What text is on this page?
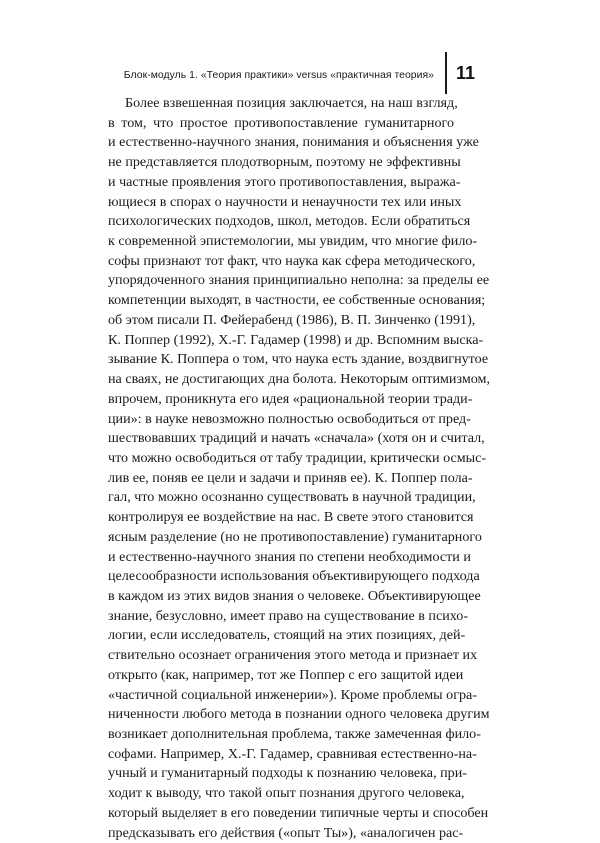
Блок-модуль 1. «Теория практики» versus «практичная теория» 11
Более взвешенная позиция заключается, на наш взгляд,
в том, что простое противопоставление гуманитарного
и естественно-научного знания, понимания и объяснения уже
не представляется плодотворным, поэтому не эффективны
и частные проявления этого противопоставления, выража-
ющиеся в спорах о научности и ненаучности тех или иных
психологических подходов, школ, методов. Если обратиться
к современной эпистемологии, мы увидим, что многие фило-
софы признают тот факт, что наука как сфера методического,
упорядоченного знания принципиально неполна: за пределы ее
компетенции выходят, в частности, ее собственные основания;
об этом писали П. Фейерабенд (1986), В. П. Зинченко (1991),
К. Поппер (1992), Х.-Г. Гадамер (1998) и др. Вспомним выска-
зывание К. Поппера о том, что наука есть здание, воздвигнутое
на сваях, не достигающих дна болота. Некоторым оптимизмом,
впрочем, проникнута его идея «рациональной теории тради-
ции»: в науке невозможно полностью освободиться от пред-
шествовавших традиций и начать «сначала» (хотя он и считал,
что можно освободиться от табу традиции, критически осмыс-
лив ее, поняв ее цели и задачи и приняв ее). К. Поппер пола-
гал, что можно осознанно существовать в научной традиции,
контролируя ее воздействие на нас. В свете этого становится
ясным разделение (но не противопоставление) гуманитарного
и естественно-научного знания по степени необходимости и
целесообразности использования объективирующего подхода
в каждом из этих видов знания о человеке. Объективирующее
знание, безусловно, имеет право на существование в психо-
логии, если исследователь, стоящий на этих позициях, дей-
ствительно осознает ограничения этого метода и признает их
открыто (как, например, тот же Поппер с его защитой идеи
«частичной социальной инженерии»). Кроме проблемы огра-
ниченности любого метода в познании одного человека другим
возникает дополнительная проблема, также замеченная фило-
софами. Например, Х.-Г. Гадамер, сравнивая естественно-на-
учный и гуманитарный подходы к познанию человека, при-
ходит к выводу, что такой опыт познания другого человека,
который выделяет в его поведении типичные черты и способен
предсказывать его действия («опыт Ты»), «аналогичен рас-
